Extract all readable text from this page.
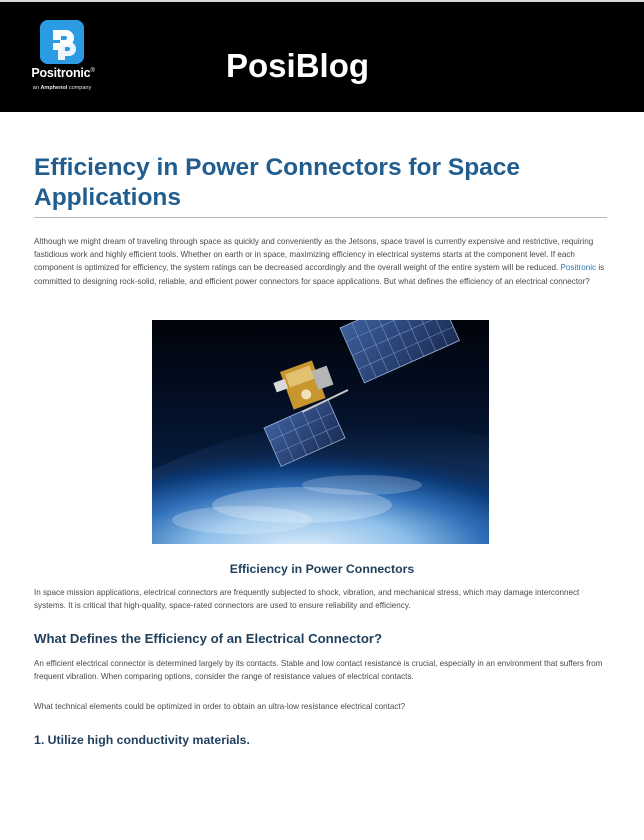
Positronic®
an Amphenol company
PosiBlog
Efficiency in Power Connectors for Space Applications

Although we might dream of traveling through space as quickly and conveniently as the Jetsons, space travel is currently expensive and restrictive, requiring fastidious work and highly efficient tools. Whether on earth or in space, maximizing efficiency in electrical systems starts at the component level. If each component is optimized for efficiency, the system ratings can be decreased accordingly and the overall weight of the entire system will be reduced. Positronic is committed to designing rock-solid, reliable, and efficient power connectors for space applications. But what defines the efficiency of an electrical connector?

Efficiency in Power Connectors

In space mission applications, electrical connectors are frequently subjected to shock, vibration, and mechanical stress, which may damage interconnect systems. It is critical that high-quality, space-rated connectors are used to ensure reliability and efficiency.

What Defines the Efficiency of an Electrical Connector?

An efficient electrical connector is determined largely by its contacts. Stable and low contact resistance is crucial, especially in an environment that suffers from frequent vibration. When comparing options, consider the range of resistance values of electrical contacts.

What technical elements could be optimized in order to obtain an ultra-low resistance electrical contact?

1. Utilize high conductivity materials.
